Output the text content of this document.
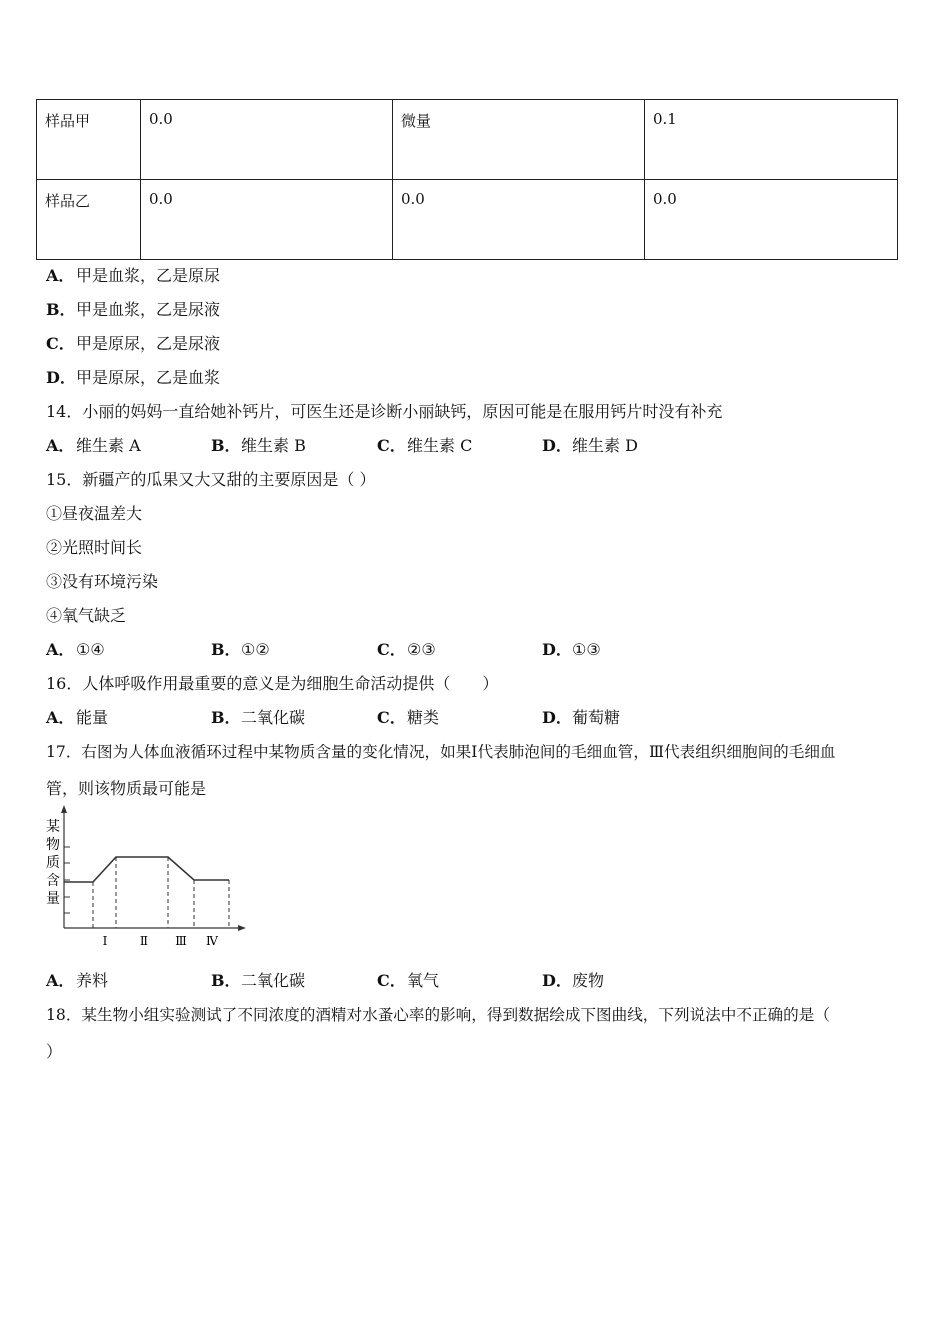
样品甲	0.0	微量	0.1
样品乙	0.0	0.0	0.0
A． 甲是血浆，乙是原尿
B． 甲是血浆，乙是尿液
C． 甲是原尿，乙是尿液
D． 甲是原尿，乙是血浆
14．小丽的妈妈一直给她补钙片，可医生还是诊断小丽缺钙，原因可能是在服用钙片时没有补充
A． 维生素 A	B． 维生素 B	C． 维生素 C	D． 维生素 D
15．新疆产的瓜果又大又甜的主要原因是（ ）
①昼夜温差大
②光照时间长
③没有环境污染
④氧气缺乏
A． ①④	B． ①②	C． ②③	D． ①③
16．人体呼吸作用最重要的意义是为细胞生命活动提供（　　）
A． 能量	B． 二氧化碳	C． 糖类	D． 葡萄糖
17．右图为人体血液循环过程中某物质含量的变化情况，如果Ⅰ代表肺泡间的毛细血管，Ⅲ代表组织细胞间的毛细血
管，则该物质最可能是
某
物
质
含
量
Ⅰ	Ⅱ Ⅲ Ⅳ
A． 养料	B． 二氧化碳	C． 氧气	D． 废物
18．某生物小组实验测试了不同浓度的酒精对水蚤心率的影响，得到数据绘成下图曲线，下列说法中不正确的是（
）
